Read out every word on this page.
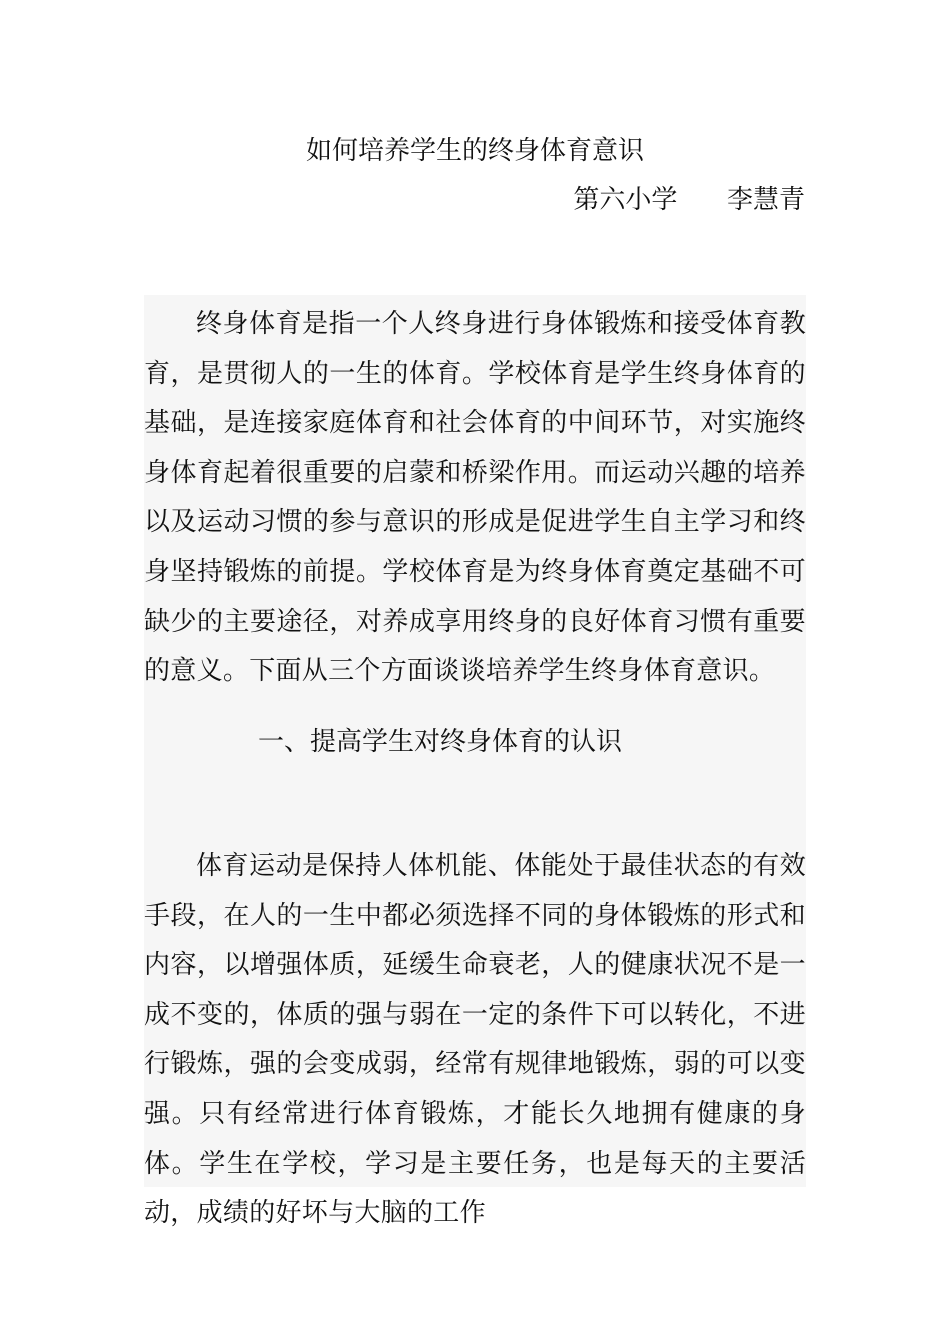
如何培养学生的终身体育意识
第六小学      李慧青

终身体育是指一个人终身进行身体锻炼和接受体育教育，是贯彻人的一生的体育。学校体育是学生终身体育的基础，是连接家庭体育和社会体育的中间环节，对实施终身体育起着很重要的启蒙和桥梁作用。而运动兴趣的培养以及运动习惯的参与意识的形成是促进学生自主学习和终身坚持锻炼的前提。学校体育是为终身体育奠定基础不可缺少的主要途径，对养成享用终身的良好体育习惯有重要的意义。下面从三个方面谈谈培养学生终身体育意识。

一、提高学生对终身体育的认识

体育运动是保持人体机能、体能处于最佳状态的有效手段，在人的一生中都必须选择不同的身体锻炼的形式和内容，以增强体质，延缓生命衰老，人的健康状况不是一成不变的，体质的强与弱在一定的条件下可以转化，不进行锻炼，强的会变成弱，经常有规律地锻炼，弱的可以变强。只有经常进行体育锻炼，才能长久地拥有健康的身体。学生在学校，学习是主要任务，也是每天的主要活动，成绩的好坏与大脑的工作
